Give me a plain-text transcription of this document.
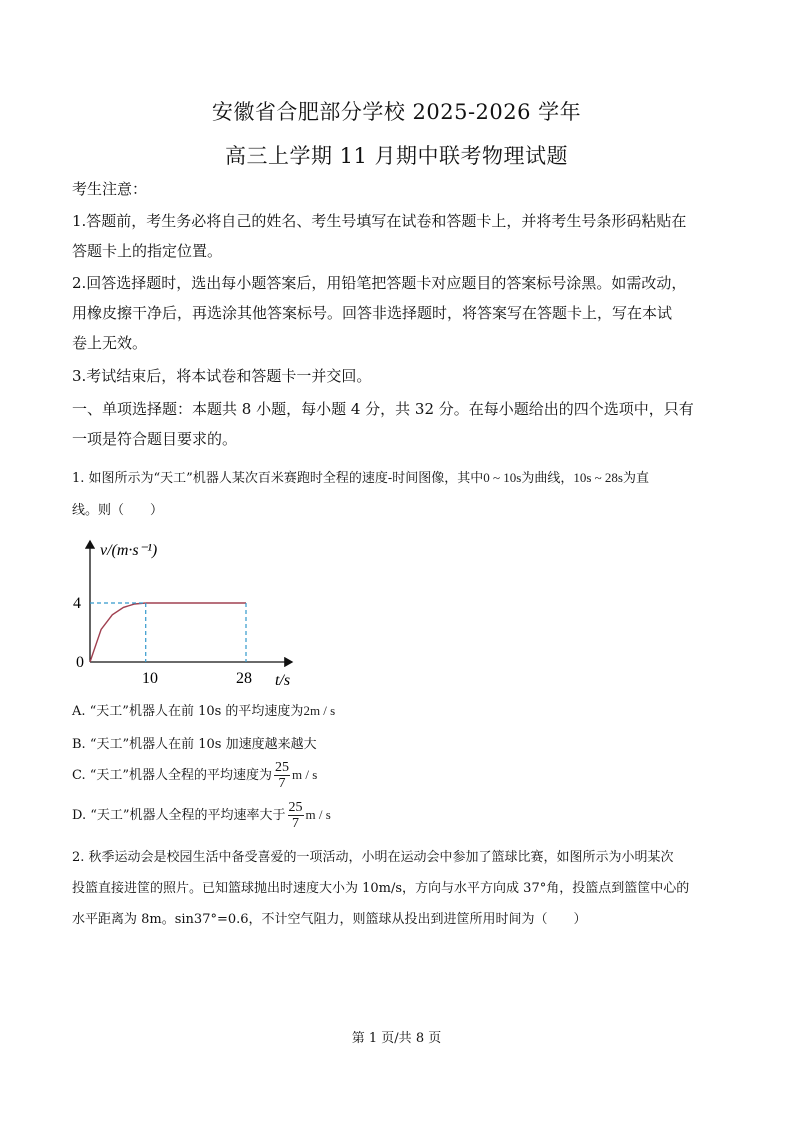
安徽省合肥部分学校 2025-2026 学年
高三上学期 11 月期中联考物理试题
考生注意：
1.答题前，考生务必将自己的姓名、考生号填写在试卷和答题卡上，并将考生号条形码粘贴在
答题卡上的指定位置。
2.回答选择题时，选出每小题答案后，用铅笔把答题卡对应题目的答案标号涂黑。如需改动，
用橡皮擦干净后，再选涂其他答案标号。回答非选择题时，将答案写在答题卡上，写在本试
卷上无效。
3.考试结束后，将本试卷和答题卡一并交回。
一、单项选择题：本题共 8 小题，每小题 4 分，共 32 分。在每小题给出的四个选项中，只有
一项是符合题目要求的。
1. 如图所示为“天工”机器人某次百米赛跑时全程的速度-时间图像，其中0 ~ 10s为曲线，10s ~ 28s为直
线。则（　　）
v/(m·s⁻¹)
t/s
0
4
10	28
A. “天工”机器人在前 10s 的平均速度为2m / s
B. “天工”机器人在前 10s 加速度越来越大
C. “天工”机器人全程的平均速度为 $\frac{25}{7}$ m / s
D. “天工”机器人全程的平均速率大于 $\frac{25}{7}$ m / s
2. 秋季运动会是校园生活中备受喜爱的一项活动，小明在运动会中参加了篮球比赛，如图所示为小明某次
投篮直接进筐的照片。已知篮球抛出时速度大小为 10m/s，方向与水平方向成 37°角，投篮点到篮筐中心的
水平距离为 8m。sin37°=0.6，不计空气阻力，则篮球从投出到进筐所用时间为（　　）
第 1 页/共 8 页
